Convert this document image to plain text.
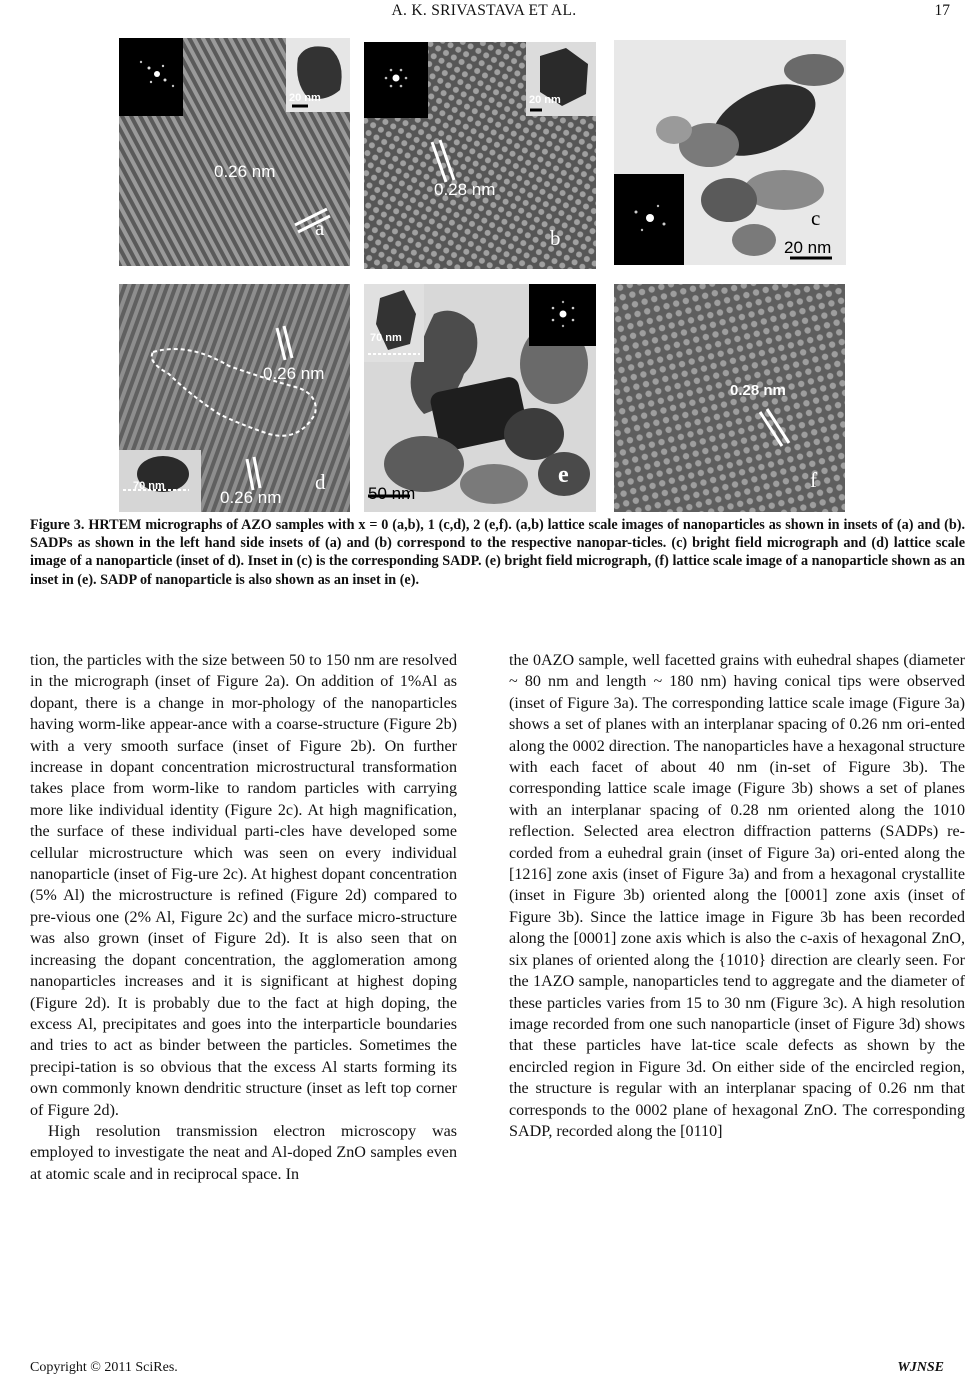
A. K. SRIVASTAVA ET AL.	17
20 nm
0.26 nm
a
20 nm
0.28 nm
b
c
20 nm
70 nm
0.26 nm
0.26 nm
d
70 nm
e
50 nm
0.28 nm
f
Figure 3. HRTEM micrographs of AZO samples with x = 0 (a,b), 1 (c,d), 2 (e,f). (a,b) lattice scale images of nanoparticles as shown in insets of (a) and (b). SADPs as shown in the left hand side insets of (a) and (b) correspond to the respective nanopar-ticles. (c) bright field micrograph and (d) lattice scale image of a nanoparticle (inset of d). Inset in (c) is the corresponding SADP. (e) bright field micrograph, (f) lattice scale image of a nanoparticle shown as an inset in (e). SADP of nanoparticle is also shown as an inset in (e).

tion, the particles with the size between 50 to 150 nm are resolved in the micrograph (inset of Figure 2a). On addition of 1%Al as dopant, there is a change in mor-phology of the nanoparticles having worm-like appear-ance with a coarse-structure (Figure 2b) with a very smooth surface (inset of Figure 2b). On further increase in dopant concentration microstructural transformation takes place from worm-like to random particles with carrying more like individual identity (Figure 2c). At high magnification, the surface of these individual parti-cles have developed some cellular microstructure which was seen on every individual nanoparticle (inset of Fig-ure 2c). At highest dopant concentration (5% Al) the microstructure is refined (Figure 2d) compared to pre-vious one (2% Al, Figure 2c) and the surface micro-structure was also grown (inset of Figure 2d). It is also seen that on increasing the dopant concentration, the agglomeration among nanoparticles increases and it is significant at highest doping (Figure 2d). It is probably due to the fact at high doping, the excess Al, precipitates and goes into the interparticle boundaries and tries to act as binder between the particles. Sometimes the precipi-tation is so obvious that the excess Al starts forming its own commonly known dendritic structure (inset as left top corner of Figure 2d).

High resolution transmission electron microscopy was employed to investigate the neat and Al-doped ZnO samples even at atomic scale and in reciprocal space. In

the 0AZO sample, well facetted grains with euhedral shapes (diameter ~ 80 nm and length ~ 180 nm) having conical tips were observed (inset of Figure 3a). The corresponding lattice scale image (Figure 3a) shows a set of planes with an interplanar spacing of 0.26 nm ori-ented along the 0002 direction. The nanoparticles have a hexagonal structure with each facet of about 40 nm (in-set of Figure 3b). The corresponding lattice scale image (Figure 3b) shows a set of planes with an interplanar spacing of 0.28 nm oriented along the 1010 reflection. Selected area electron diffraction patterns (SADPs) re-corded from a euhedral grain (inset of Figure 3a) ori-ented along the [1216] zone axis (inset of Figure 3a) and from a hexagonal crystallite (inset in Figure 3b) oriented along the [0001] zone axis (inset of Figure 3b). Since the lattice image in Figure 3b has been recorded along the [0001] zone axis which is also the c-axis of hexagonal ZnO, six planes of oriented along the {1010} direction are clearly seen. For the 1AZO sample, nanoparticles tend to aggregate and the diameter of these particles varies from 15 to 30 nm (Figure 3c). A high resolution image recorded from one such nanoparticle (inset of Figure 3d) shows that these particles have lat-tice scale defects as shown by the encircled region in Figure 3d. On either side of the encircled region, the structure is regular with an interplanar spacing of 0.26 nm that corresponds to the 0002 plane of hexagonal ZnO. The corresponding SADP, recorded along the [0110]

Copyright © 2011 SciRes.	WJNSE
